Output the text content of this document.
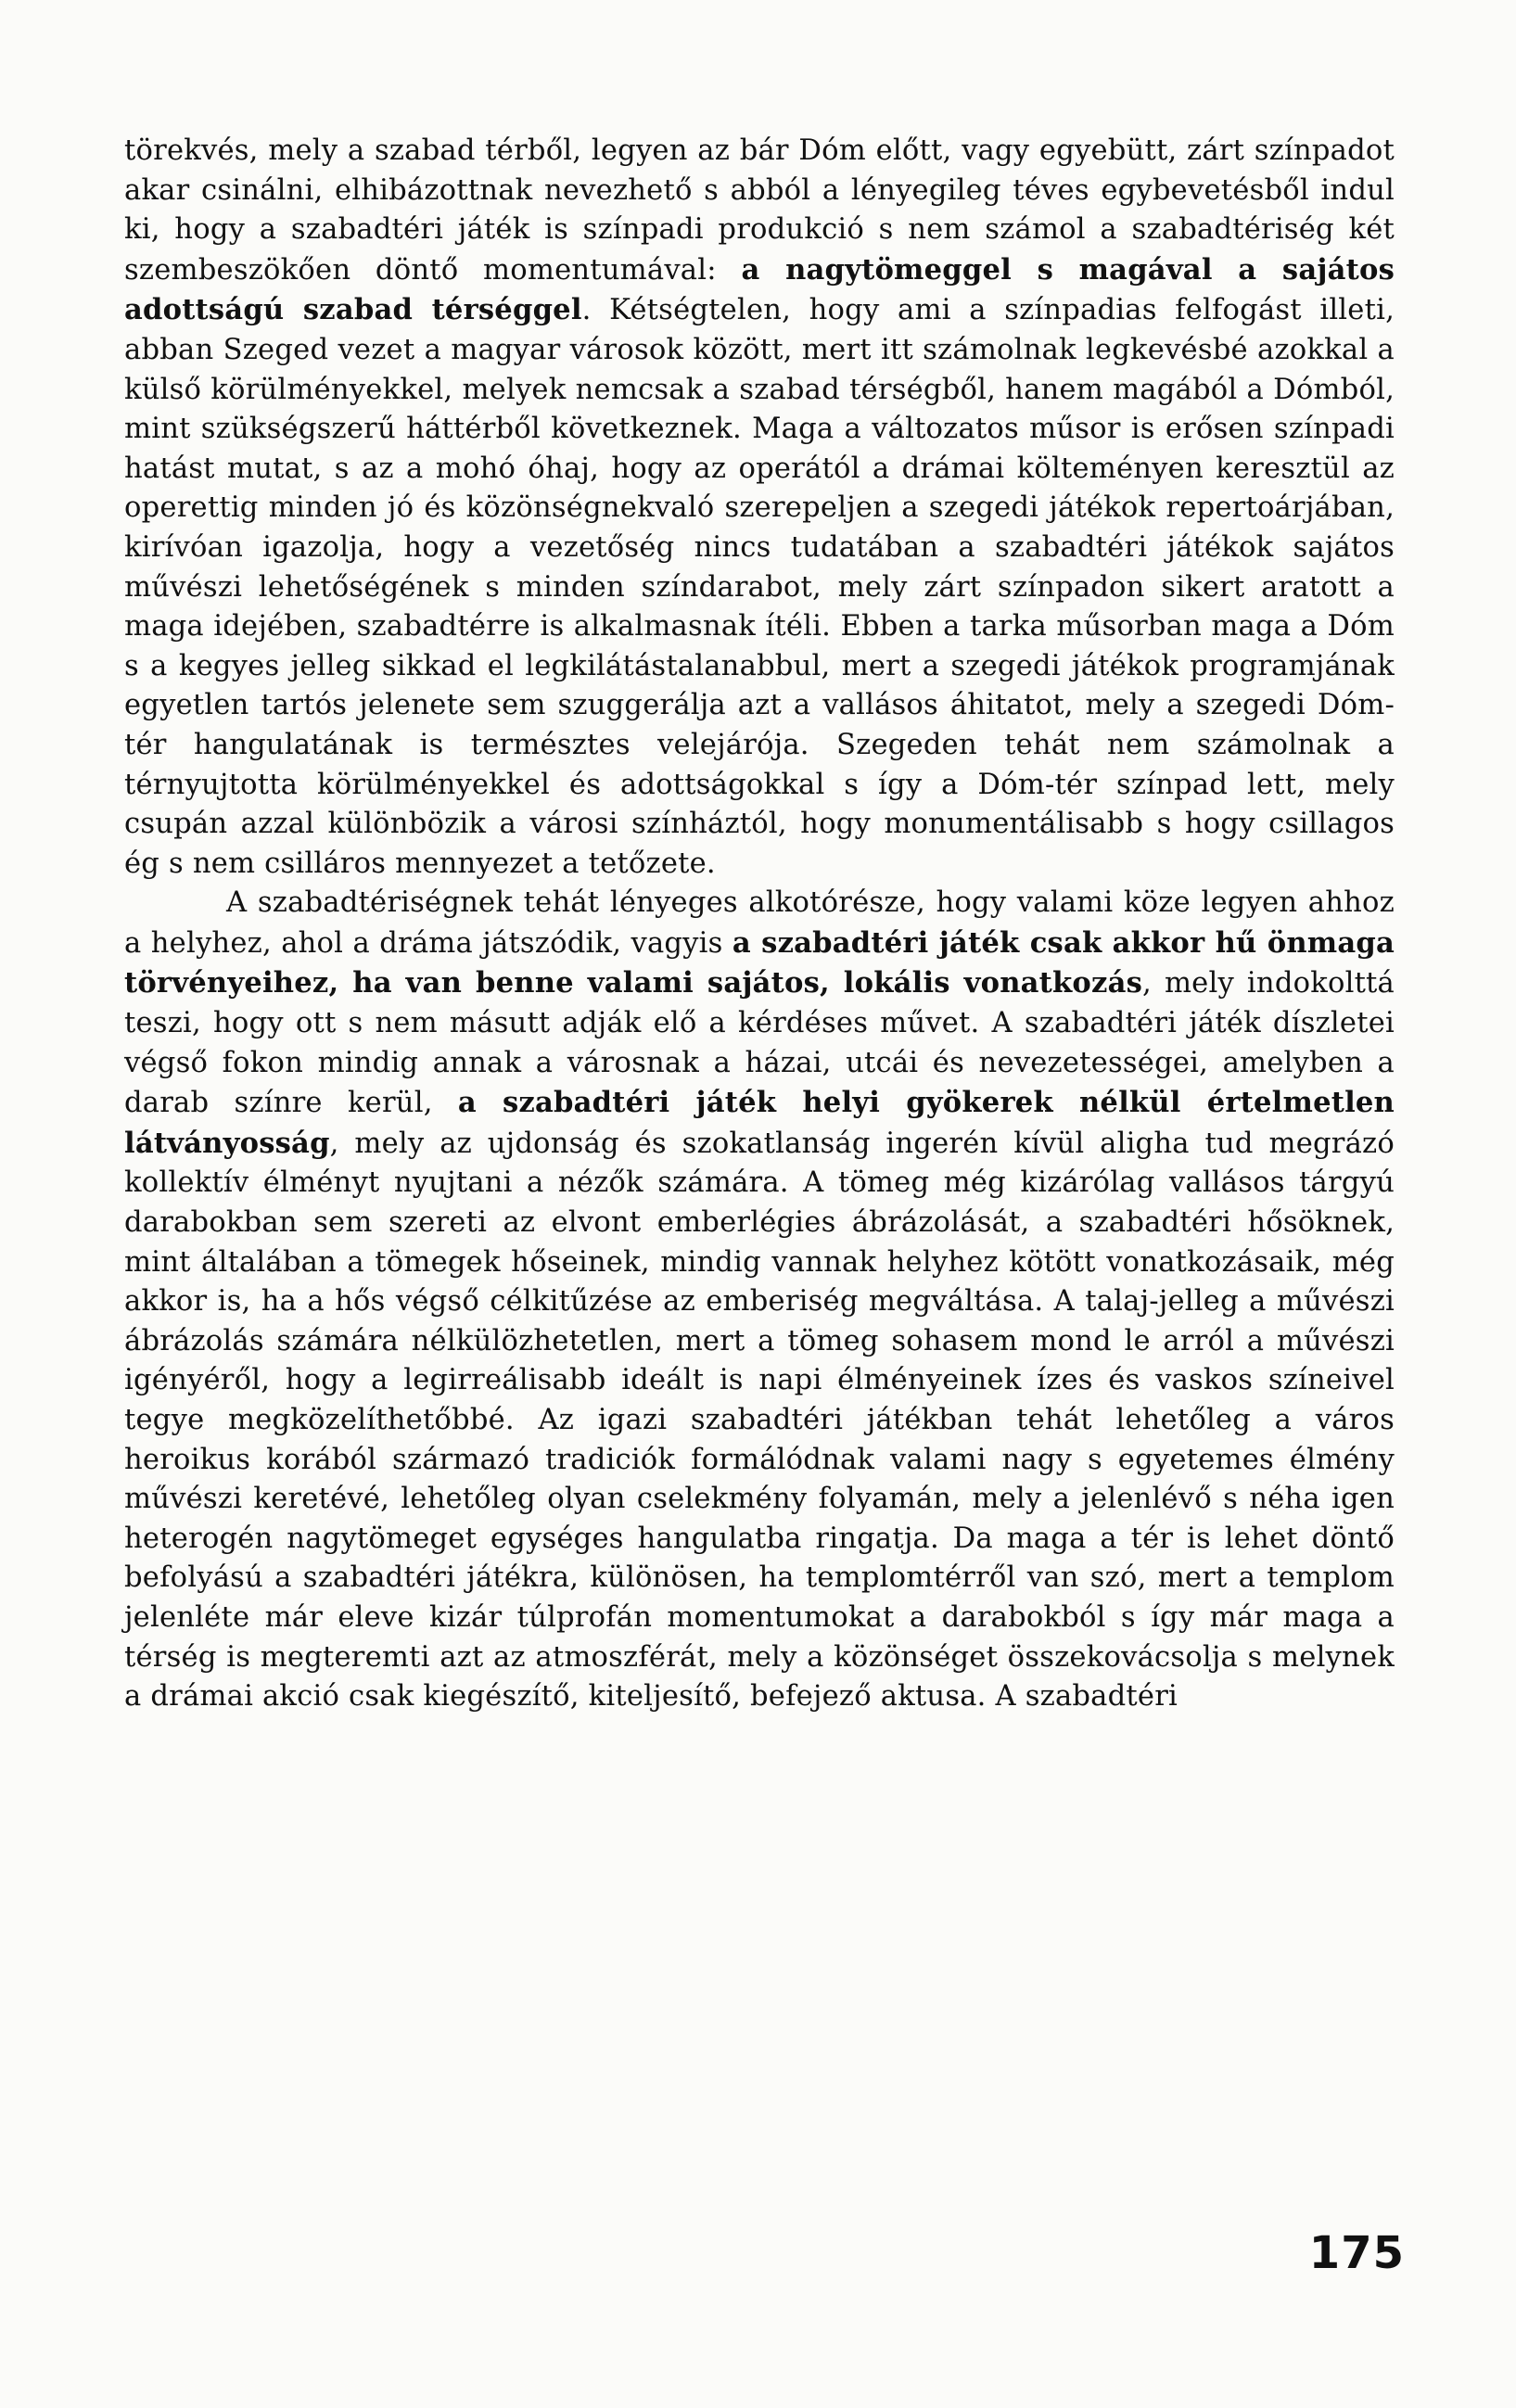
törekvés, mely a szabad térből, legyen az bár Dóm előtt, vagy egyebütt, zárt színpadot akar csinálni, elhibázottnak nevezhető s abból a lényegileg téves egybevetésből indul ki, hogy a szabadtéri játék is színpadi produkció s nem számol a szabadtériség két szembeszökően döntő momentumával: a nagytömeggel s magával a sajátos adottságú szabad térséggel. Kétségtelen, hogy ami a színpadias felfogást illeti, abban Szeged vezet a magyar városok között, mert itt számolnak legkevésbé azokkal a külső körülményekkel, melyek nemcsak a szabad térségből, hanem magából a Dómból, mint szükségszerű háttérből következnek. Maga a változatos műsor is erősen színpadi hatást mutat, s az a mohó óhaj, hogy az operától a drámai költeményen keresztül az operettig minden jó és közönségnekvaló szerepeljen a szegedi játékok repertoárjában, kirívóan igazolja, hogy a vezetőség nincs tudatában a szabadtéri játékok sajátos művészi lehetőségének s minden színdarabot, mely zárt színpadon sikert aratott a maga idejében, szabadtérre is alkalmasnak ítéli. Ebben a tarka műsorban maga a Dóm s a kegyes jelleg sikkad el legkilátástalanabbul, mert a szegedi játékok programjának egyetlen tartós jelenete sem szuggerálja azt a vallásos áhitatot, mely a szegedi Dóm-tér hangulatának is természtes velejárója. Szegeden tehát nem számolnak a térnyujtotta körülményekkel és adottságokkal s így a Dóm-tér színpad lett, mely csupán azzal különbözik a városi színháztól, hogy monumentálisabb s hogy csillagos ég s nem csilláros mennyezet a tetőzete.

A szabadtériségnek tehát lényeges alkotórésze, hogy valami köze legyen ahhoz a helyhez, ahol a dráma játszódik, vagyis a szabadtéri játék csak akkor hű önmaga törvényeihez, ha van benne valami sajátos, lokális vonatkozás, mely indokolttá teszi, hogy ott s nem másutt adják elő a kérdéses művet. A szabadtéri játék díszletei végső fokon mindig annak a városnak a házai, utcái és nevezetességei, amelyben a darab színre kerül, a szabadtéri játék helyi gyökerek nélkül értelmetlen látványosság, mely az ujdonság és szokatlanság ingerén kívül aligha tud megrázó kollektív élményt nyujtani a nézők számára. A tömeg még kizárólag vallásos tárgyú darabokban sem szereti az elvont emberlégies ábrázolását, a szabadtéri hősöknek, mint általában a tömegek hőseinek, mindig vannak helyhez kötött vonatkozásaik, még akkor is, ha a hős végső célkitűzése az emberiség megváltása. A talaj-jelleg a művészi ábrázolás számára nélkülözhetetlen, mert a tömeg sohasem mond le arról a művészi igényéről, hogy a legirreálisabb ideált is napi élményeinek ízes és vaskos színeivel tegye megközelíthetőbbé. Az igazi szabadtéri játékban tehát lehetőleg a város heroikus korából származó tradiciók formálódnak valami nagy s egyetemes élmény művészi keretévé, lehetőleg olyan cselekmény folyamán, mely a jelenlévő s néha igen heterogén nagytömeget egységes hangulatba ringatja. Da maga a tér is lehet döntő befolyású a szabadtéri játékra, különösen, ha templomtérről van szó, mert a templom jelenléte már eleve kizár túlprofán momentumokat a darabokból s így már maga a térség is megteremti azt az atmoszférát, mely a közönséget összekovácsolja s melynek a drámai akció csak kiegészítő, kiteljesítő, befejező aktusa. A szabadtéri

175
